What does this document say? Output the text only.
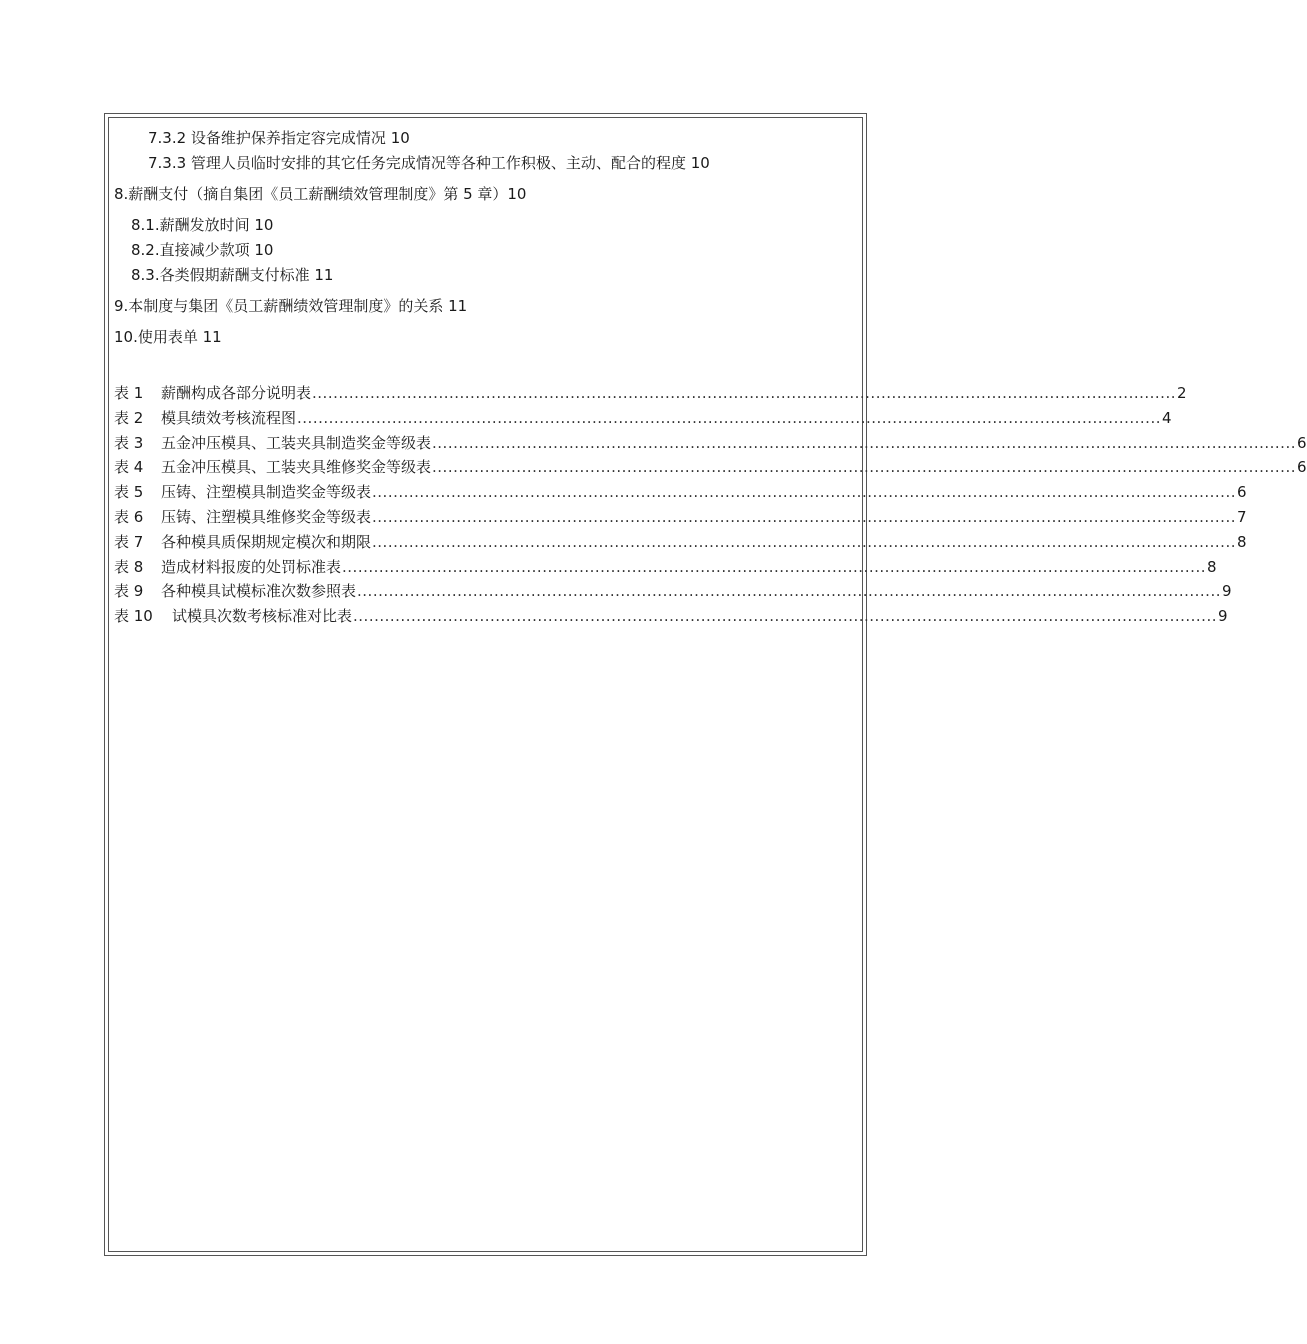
7.3.2 设备维护保养指定容完成情况 10
7.3.3 管理人员临时安排的其它任务完成情况等各种工作积极、主动、配合的程度 10
8.薪酬支付（摘自集团《员工薪酬绩效管理制度》第 5 章）10
8.1.薪酬发放时间 10
8.2.直接减少款项 10
8.3.各类假期薪酬支付标准 11
9.本制度与集团《员工薪酬绩效管理制度》的关系 11
10.使用表单 11
表 1	薪酬构成各部分说明表 .................................................................................................................................................................... 2
表 2	模具绩效考核流程图 .................................................................................................................................................................... 4
表 3	五金冲压模具、工装夹具制造奖金等级表 .................................................................................................................................................................... 6
表 4	五金冲压模具、工装夹具维修奖金等级表 .................................................................................................................................................................... 6
表 5	压铸、注塑模具制造奖金等级表 .................................................................................................................................................................... 6
表 6	压铸、注塑模具维修奖金等级表 .................................................................................................................................................................... 7
表 7	各种模具质保期规定模次和期限 .................................................................................................................................................................... 8
表 8	造成材料报废的处罚标准表 .................................................................................................................................................................... 8
表 9	各种模具试模标准次数参照表 .................................................................................................................................................................... 9
表 10	试模具次数考核标准对比表 .................................................................................................................................................................... 9
